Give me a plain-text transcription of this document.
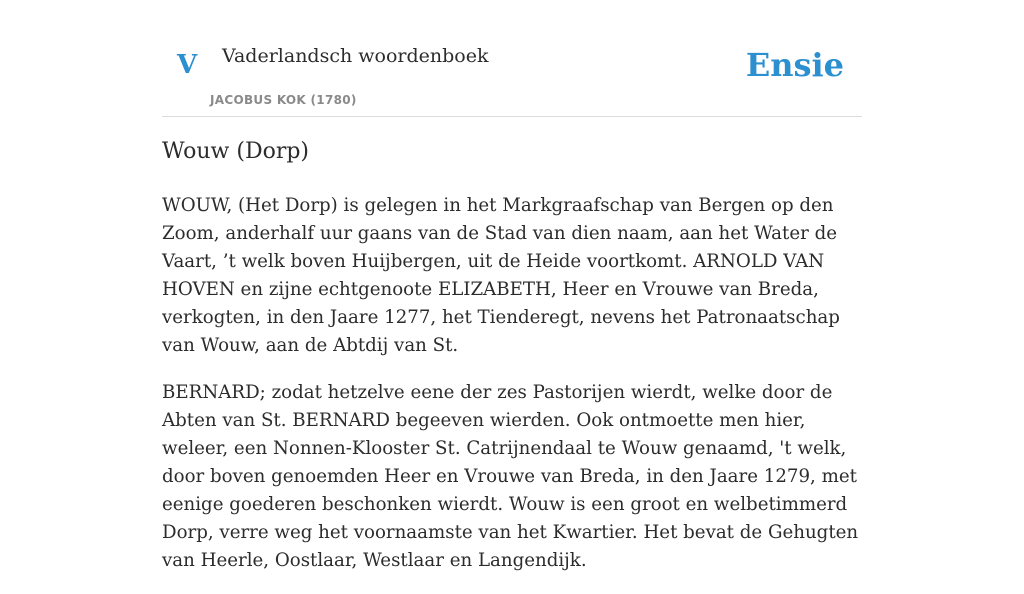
V Vaderlandsch woordenboek
JACOBUS KOK (1780)
Ensie
Wouw (Dorp)

WOUW, (Het Dorp) is gelegen in het Markgraafschap van Bergen op den Zoom, anderhalf uur gaans van de Stad van dien naam, aan het Water de Vaart, ’t welk boven Huijbergen, uit de Heide voortkomt. ARNOLD VAN HOVEN en zijne echtgenoote ELIZABETH, Heer en Vrouwe van Breda, verkogten, in den Jaare 1277, het Tienderegt, nevens het Patronaatschap van Wouw, aan de Abtdij van St.

BERNARD; zodat hetzelve eene der zes Pastorijen wierdt, welke door de Abten van St. BERNARD begeeven wierden. Ook ontmoette men hier, weleer, een Nonnen-Klooster St. Catrijnendaal te Wouw genaamd, 't welk, door boven genoemden Heer en Vrouwe van Breda, in den Jaare 1279, met eenige goederen beschonken wierdt. Wouw is een groot en welbetimmerd Dorp, verre weg het voornaamste van het Kwartier. Het bevat de Gehugten van Heerle, Oostlaar, Westlaar en Langendijk.
